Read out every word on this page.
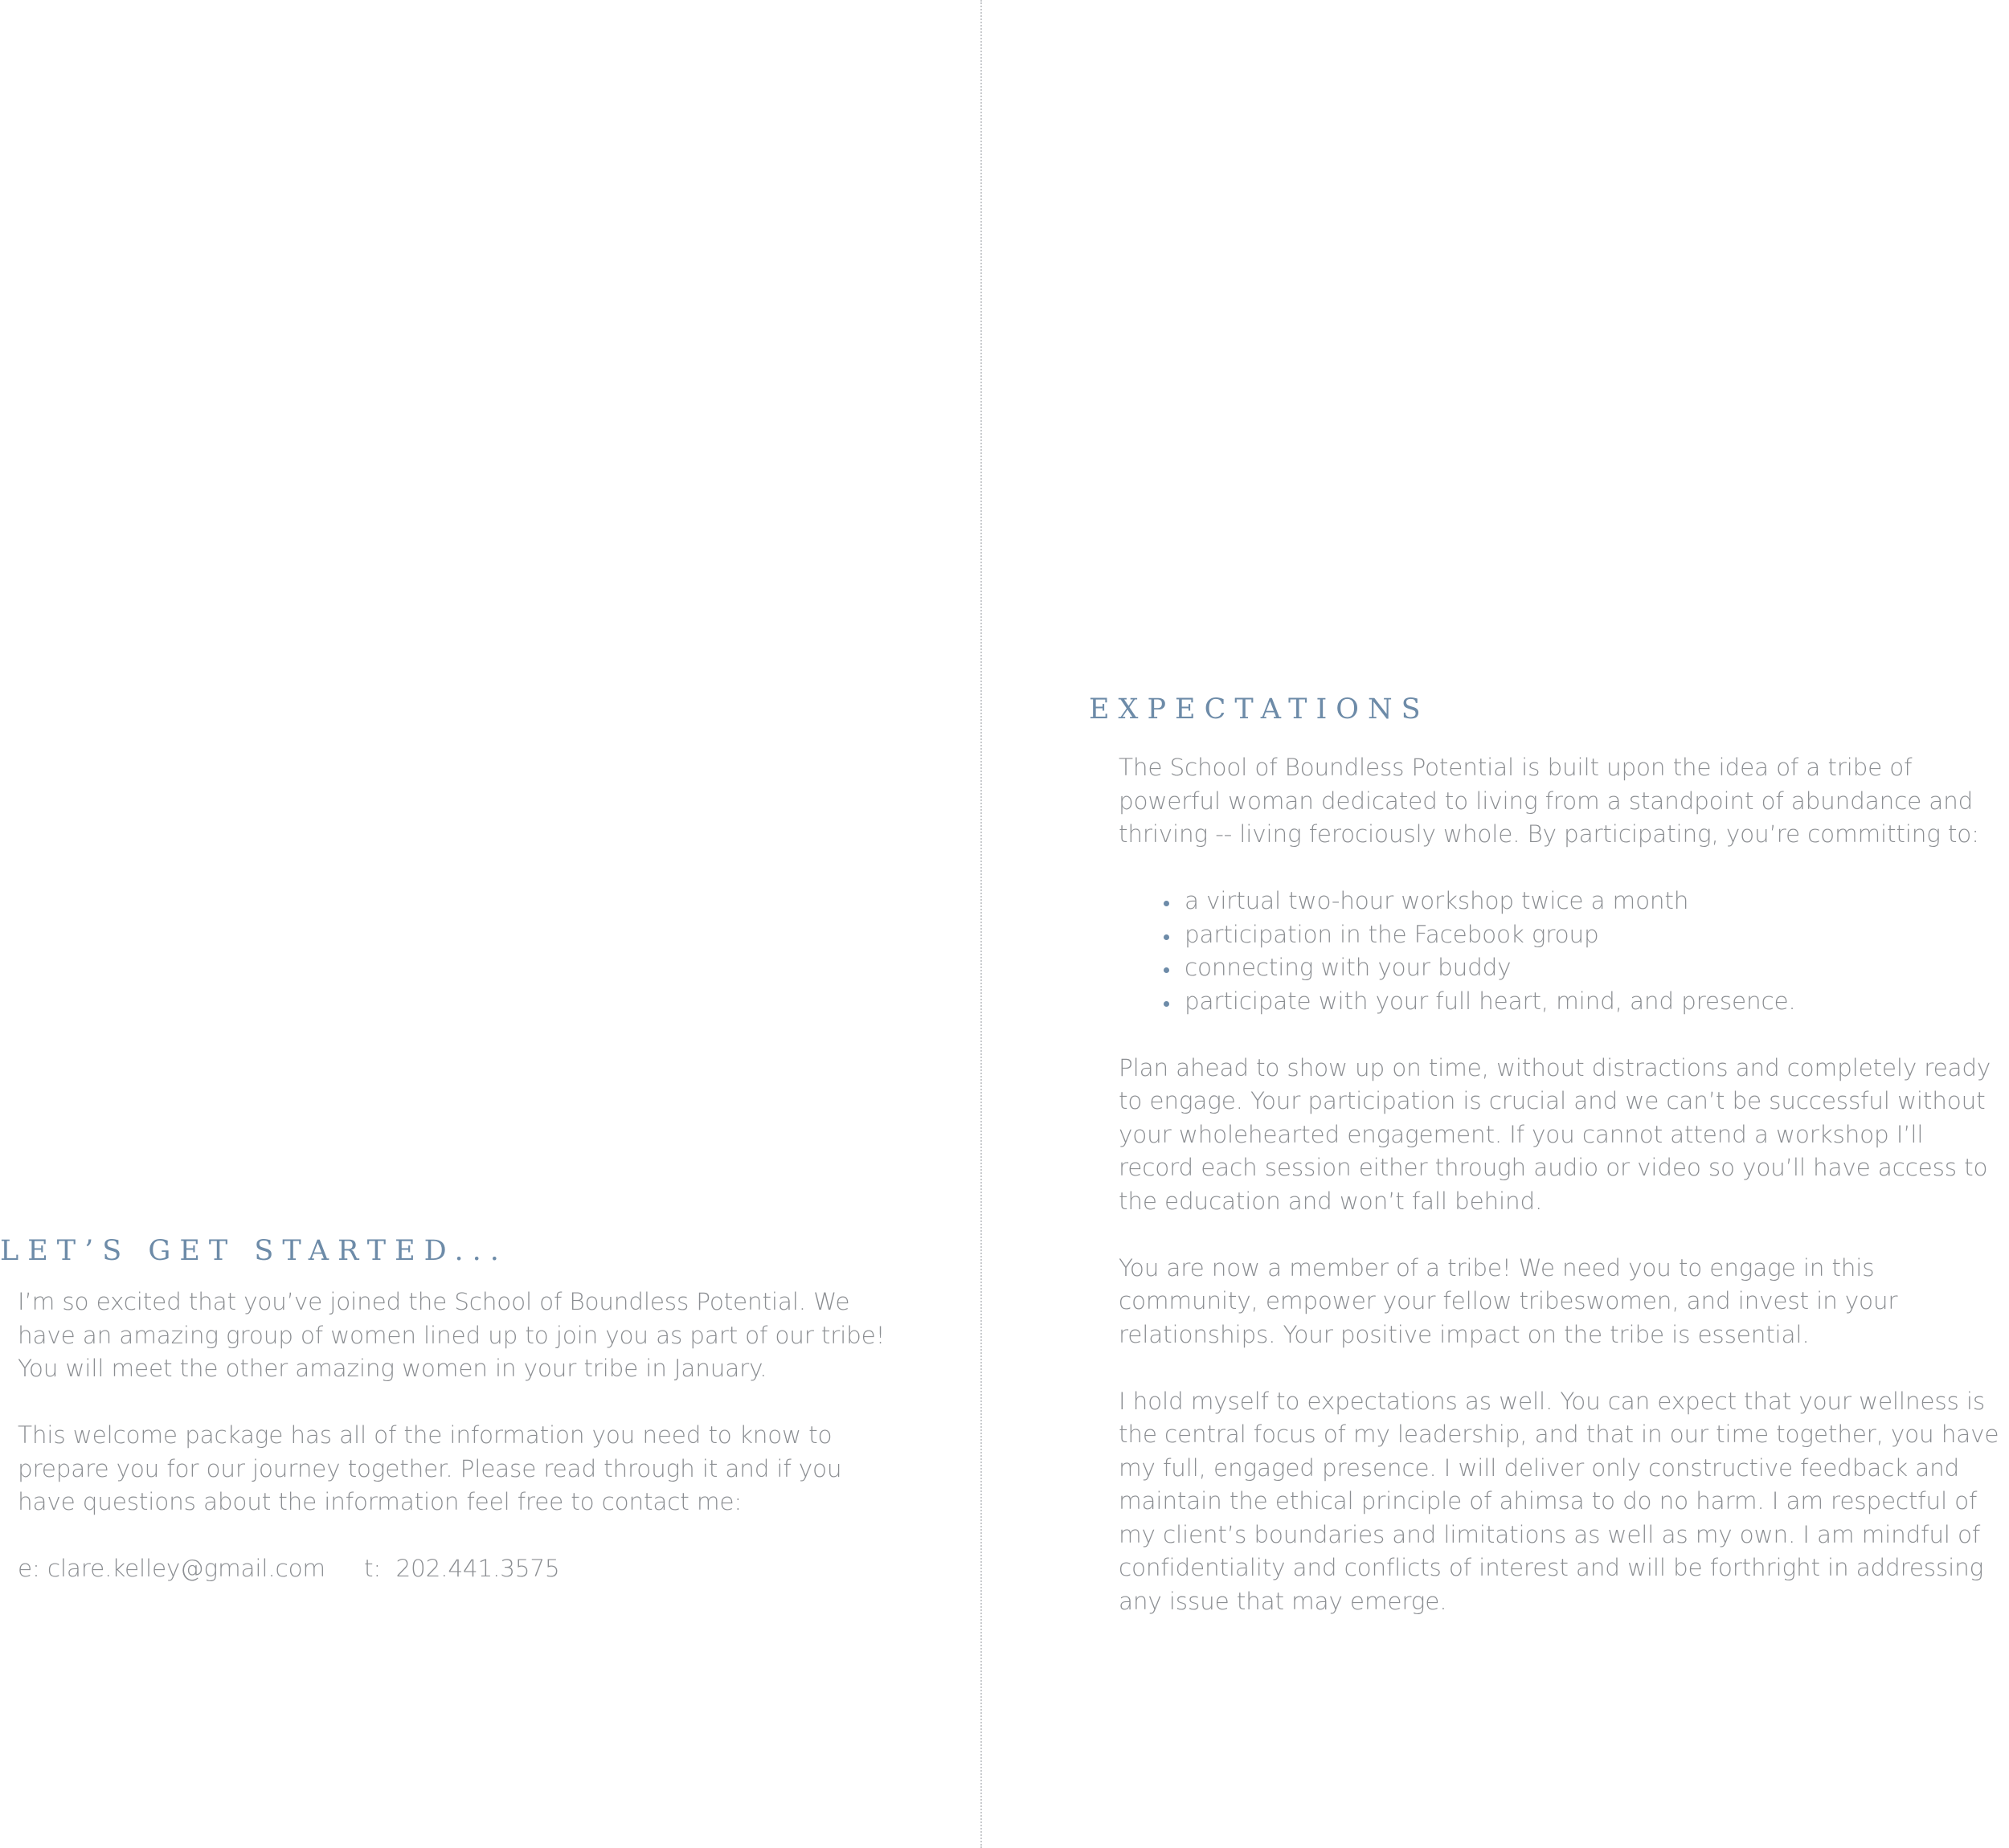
LET’S GET STARTED...

I’m so excited that you’ve joined the School of Boundless Potential. We have an amazing group of women lined up to join you as part of our tribe! You will meet the other amazing women in your tribe in January.

This welcome package has all of the information you need to know to prepare you for our journey together. Please read through it and if you have questions about the information feel free to contact me:

e: clare.kelley@gmail.com t: 202.441.3575

EXPECTATIONS

The School of Boundless Potential is built upon the idea of a tribe of powerful woman dedicated to living from a standpoint of abundance and thriving -- living ferociously whole. By participating, you’re committing to:

a virtual two-hour workshop twice a month
participation in the Facebook group
connecting with your buddy
participate with your full heart, mind, and presence.

Plan ahead to show up on time, without distractions and completely ready to engage. Your participation is crucial and we can’t be successful without your wholehearted engagement. If you cannot attend a workshop I’ll record each session either through audio or video so you’ll have access to the education and won’t fall behind.

You are now a member of a tribe! We need you to engage in this community, empower your fellow tribeswomen, and invest in your relationships. Your positive impact on the tribe is essential.

I hold myself to expectations as well. You can expect that your wellness is the central focus of my leadership, and that in our time together, you have my full, engaged presence. I will deliver only constructive feedback and maintain the ethical principle of ahimsa to do no harm. I am respectful of my client’s boundaries and limitations as well as my own. I am mindful of confidentiality and conflicts of interest and will be forthright in addressing any issue that may emerge.
